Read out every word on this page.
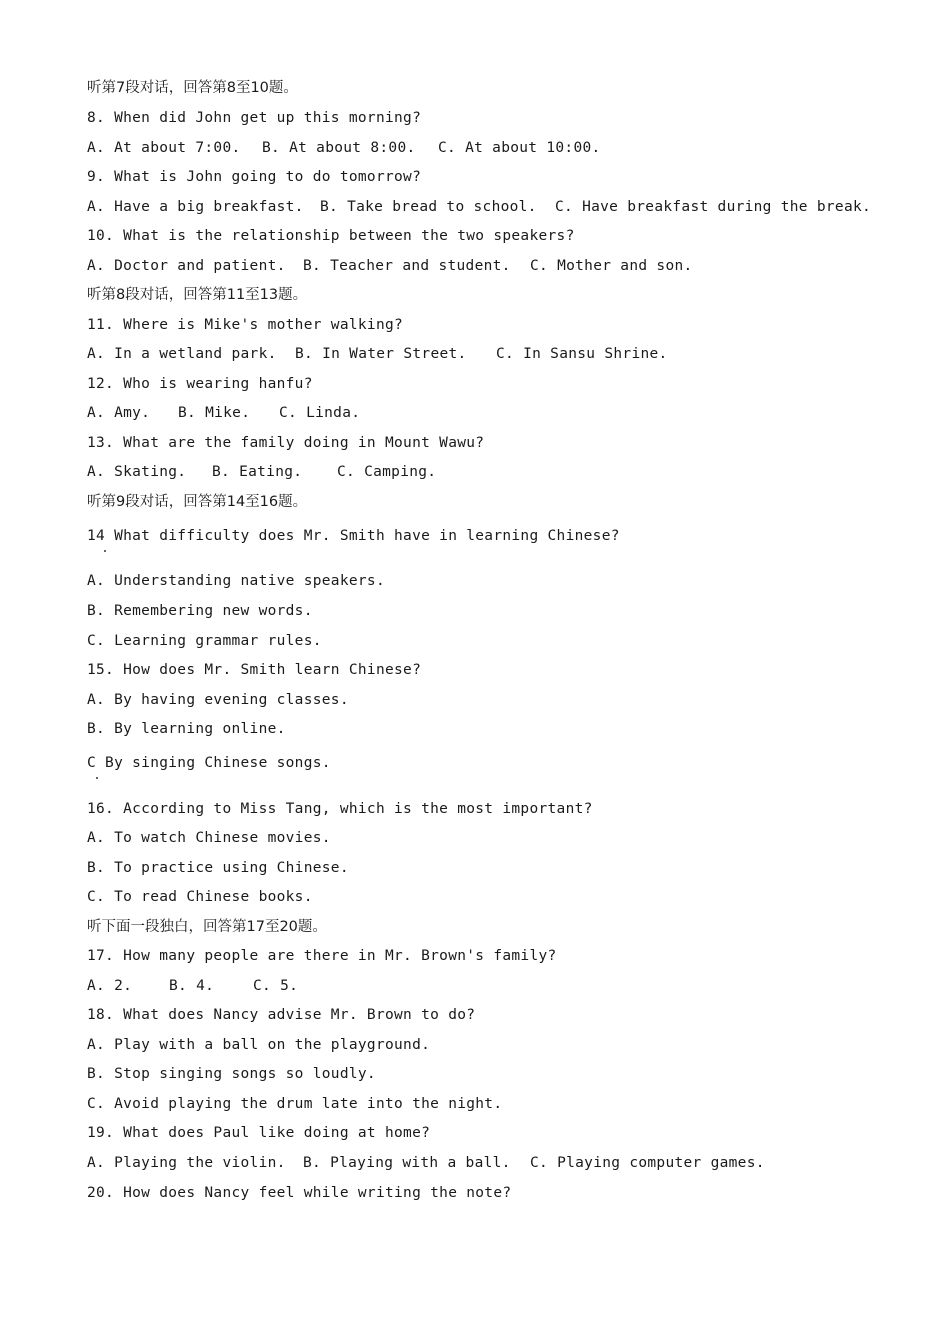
听第7段对话，回答第8至10题。
8. When did John get up this morning?
A. At about 7:00. B. At about 8:00. C. At about 10:00.
9. What is John going to do tomorrow?
A. Have a big breakfast. B. Take bread to school. C. Have breakfast during the break.
10. What is the relationship between the two speakers?
A. Doctor and patient. B. Teacher and student. C. Mother and son.
听第8段对话，回答第11至13题。
11. Where is Mike's mother walking?
A. In a wetland park. B. In Water Street. C. In Sansu Shrine.
12. Who is wearing hanfu?
A. Amy. B. Mike. C. Linda.
13. What are the family doing in Mount Wawu?
A. Skating. B. Eating. C. Camping.
听第9段对话，回答第14至16题。
14 What difficulty does Mr. Smith have in learning Chinese?
A. Understanding native speakers.
B. Remembering new words.
C. Learning grammar rules.
15. How does Mr. Smith learn Chinese?
A. By having evening classes.
B. By learning online.
C By singing Chinese songs.
16. According to Miss Tang, which is the most important?
A. To watch Chinese movies.
B. To practice using Chinese.
C. To read Chinese books.
听下面一段独白，回答第17至20题。
17. How many people are there in Mr. Brown's family?
A. 2.	B. 4.	C. 5.
18. What does Nancy advise Mr. Brown to do?
A. Play with a ball on the playground.
B. Stop singing songs so loudly.
C. Avoid playing the drum late into the night.
19. What does Paul like doing at home?
A. Playing the violin. B. Playing with a ball. C. Playing computer games.
20. How does Nancy feel while writing the note?
